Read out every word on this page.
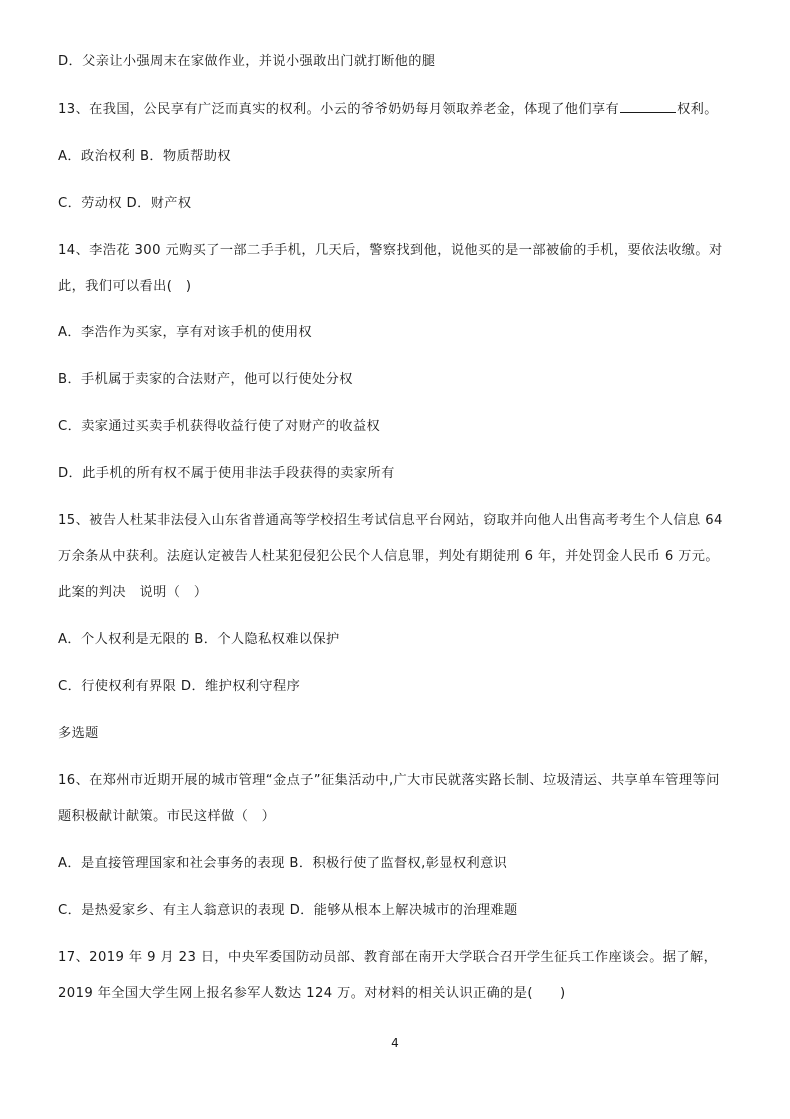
D．父亲让小强周末在家做作业，并说小强敢出门就打断他的腿
13、在我国，公民享有广泛而真实的权利。小云的爷爷奶奶每月领取养老金，体现了他们享有	权利。
A．政治权利 B．物质帮助权
C．劳动权 D．财产权
14、李浩花 300 元购买了一部二手手机，几天后，警察找到他，说他买的是一部被偷的手机，要依法收缴。对
此，我们可以看出(　)
A．李浩作为买家，享有对该手机的使用权
B．手机属于卖家的合法财产，他可以行使处分权
C．卖家通过买卖手机获得收益行使了对财产的收益权
D．此手机的所有权不属于使用非法手段获得的卖家所有
15、被告人杜某非法侵入山东省普通高等学校招生考试信息平台网站，窃取并向他人出售高考考生个人信息 64
万余条从中获利。法庭认定被告人杜某犯侵犯公民个人信息罪，判处有期徒刑 6 年，并处罚金人民币 6 万元。
此案的判决　说明（　）
A．个人权利是无限的 B．个人隐私权难以保护
C．行使权利有界限 D．维护权利守程序
多选题
16、在郑州市近期开展的城市管理“金点子”征集活动中,广大市民就落实路长制、垃圾清运、共享单车管理等问
题积极献计献策。市民这样做（　）
A．是直接管理国家和社会事务的表现 B．积极行使了监督权,彰显权利意识
C．是热爱家乡、有主人翁意识的表现 D．能够从根本上解决城市的治理难题
17、2019 年 9 月 23 日，中央军委国防动员部、教育部在南开大学联合召开学生征兵工作座谈会。据了解，
2019 年全国大学生网上报名参军人数达 124 万。对材料的相关认识正确的是(　　)
4
